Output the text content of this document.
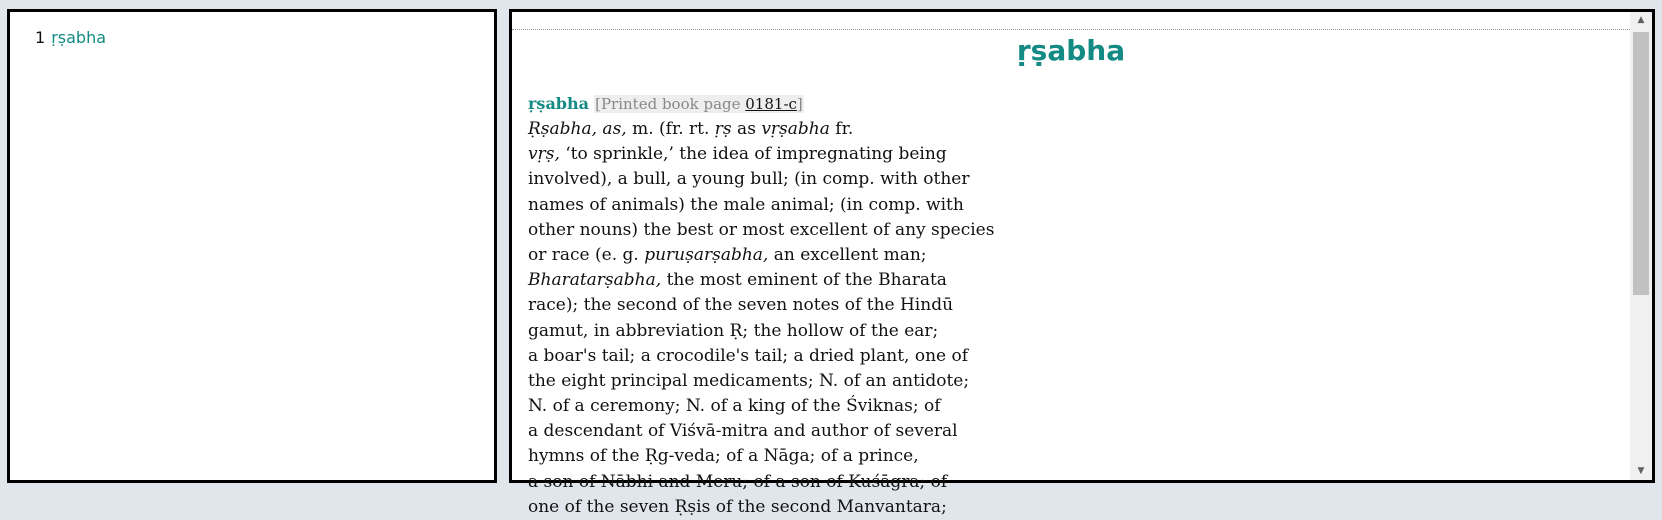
1 ṛṣabha	ṛṣabha
ṛṣabha [Printed book page 0181-c]
Ṛṣabha, as, m. (fr. rt. ṛṣ as vṛṣabha fr.
vṛṣ, ‘to sprinkle,’ the idea of impregnating being
involved), a bull, a young bull; (in comp. with other
names of animals) the male animal; (in comp. with
other nouns) the best or most excellent of any species
or race (e. g. puruṣarṣabha, an excellent man;
Bharatarṣabha, the most eminent of the Bharata
race); the second of the seven notes of the Hindū
gamut, in abbreviation Ṛ; the hollow of the ear;
a boar's tail; a crocodile's tail; a dried plant, one of
the eight principal medicaments; N. of an antidote;
N. of a ceremony; N. of a king of the Śviknas; of
a descendant of Viśvā-mitra and author of several
hymns of the Ṛg-veda; of a Nāga; of a prince,
a son of Nābhi and Meru; of a son of Kuśāgra; of
one of the seven Ṛṣis of the second Manvantara;
▲
▼
